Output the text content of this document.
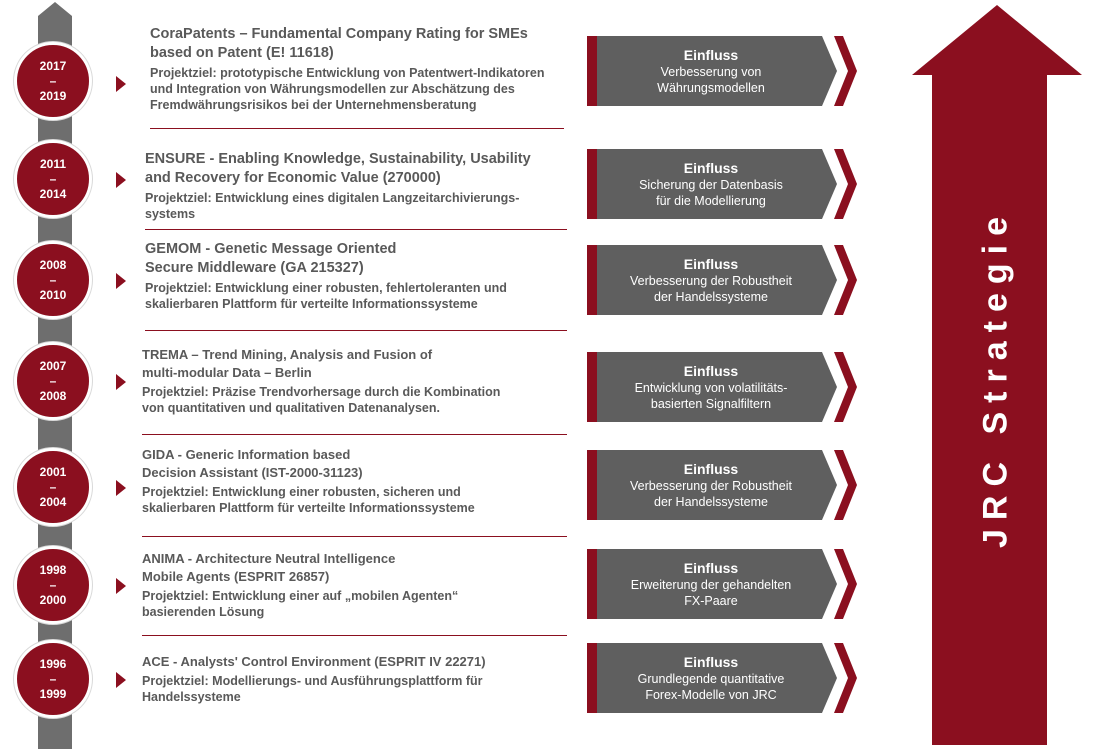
2017
–
2019
2011
–
2014
2008
–
2010
2007
–
2008
2001
–
2004
1998
–
2000
1996
–
1999
CoraPatents – Fundamental Company Rating for SMEs based on Patent (E! 11618)
Projektziel: prototypische Entwicklung von Patentwert-Indikatoren und Integration von Währungsmodellen zur Abschätzung des Fremdwährungsrisikos bei der Unternehmensberatung
ENSURE - Enabling Knowledge, Sustainability, Usability and Recovery for Economic Value (270000)
Projektziel: Entwicklung eines digitalen Langzeitarchivierungs-systems
GEMOM - Genetic Message Oriented Secure Middleware (GA 215327)
Projektziel: Entwicklung einer robusten, fehlertoleranten und skalierbaren Plattform für verteilte Informationssysteme
TREMA – Trend Mining, Analysis and Fusion of multi-modular Data – Berlin
Projektziel: Präzise Trendvorhersage durch die Kombination von quantitativen und qualitativen Datenanalysen.
GIDA - Generic Information based Decision Assistant (IST-2000-31123)
Projektziel: Entwicklung einer robusten, sicheren und skalierbaren Plattform für verteilte Informationssysteme
ANIMA - Architecture Neutral Intelligence Mobile Agents (ESPRIT 26857)
Projektziel: Entwicklung einer auf „mobilen Agenten“ basierenden Lösung
ACE - Analysts' Control Environment (ESPRIT IV 22271)
Projektziel: Modellierungs- und Ausführungsplattform für Handelssysteme
Einfluss
Verbesserung von Währungsmodellen
Einfluss
Sicherung der Datenbasis für die Modellierung
Einfluss
Verbesserung der Robustheit der Handelssysteme
Einfluss
Entwicklung von volatilitäts-basierten Signalfiltern
Einfluss
Verbesserung der Robustheit der Handelssysteme
Einfluss
Erweiterung der gehandelten FX-Paare
Einfluss
Grundlegende quantitative Forex-Modelle von JRC
JRC Strategie
